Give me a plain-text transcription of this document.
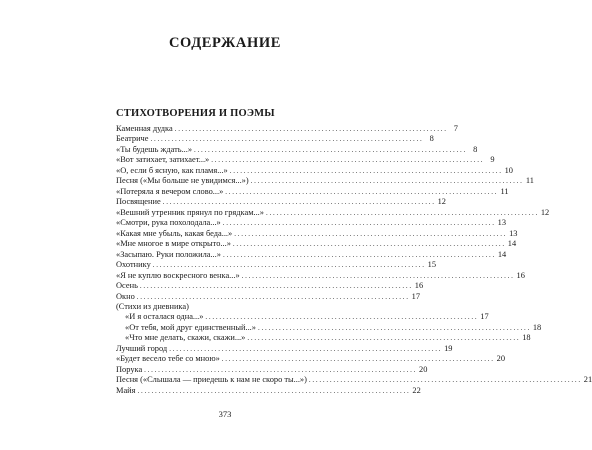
СОДЕРЖАНИЕ
СТИХОТВОРЕНИЯ И ПОЭМЫ
Каменная дудка . . .	7
Беатриче . . .	8
«Ты будешь ждать...» . . .	8
«Вот затихает, затихает...» . . .	9
«О, если б ясную, как пламя...» . . .	10
Песня («Мы больше не увидимся...») . . .	11
«Потеряла я вечером слово...» . . .	11
Посвящение . . .	12
«Вешний утренник прянул по грядкам...» . . .	12
«Смотри, рука похолодала...» . . .	13
«Какая мне убыль, какая беда...» . . .	13
«Мне многое в мире открыто...» . . .	14
«Засыпаю. Руки положила...» . . .	14
Охотнику . . .	15
«Я не куплю воскресного венка...» . . .	16
Осень . . .	16
Окно . . .	17
(Стихи из дневника)
«И я осталася одна...» . . .	17
«От тебя, мой друг единственный...» . . .	18
«Что мне делать, скажи, скажи...» . . .	18
Лучший город . . .	19
«Будет весело тебе со мною» . . .	20
Порука . . .	20
Песня («Слышала — приедешь к нам не скоро ты...») . . .	21
Майя . . .	22
373
